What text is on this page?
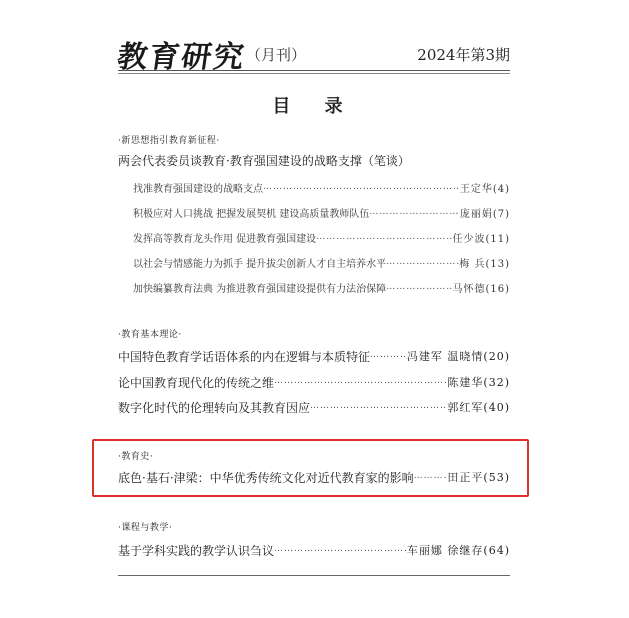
教育研究
（月刊）	2024年第3期
目 录
·新思想指引教育新征程·
两会代表委员谈教育·教育强国建设的战略支撑（笔谈）
找准教育强国建设的战略支点 ……………………………………………………………………………………………………………………………………	王定华(4)
积极应对人口挑战 把握发展契机 建设高质量教师队伍 ……………………………………………………………………………………………………………………………………	庞丽娟(7)
发挥高等教育龙头作用 促进教育强国建设 ……………………………………………………………………………………………………………………………………	任少波(11)
以社会与情感能力为抓手 提升拔尖创新人才自主培养水平 ……………………………………………………………………………………………………………………………………	梅 兵(13)
加快编纂教育法典 为推进教育强国建设提供有力法治保障 ……………………………………………………………………………………………………………………………………	马怀德(16)
·教育基本理论·
中国特色教育学话语体系的内在逻辑与本质特征 ……………………………………………………………………………………………………………………………………	冯建军 温晓情(20)
论中国教育现代化的传统之维 ……………………………………………………………………………………………………………………………………	陈建华(32)
数字化时代的伦理转向及其教育因应 ……………………………………………………………………………………………………………………………………	郭红军(40)
·教育史·
底色·基石·津梁：中华优秀传统文化对近代教育家的影响 ……………………………………………………………………………………………………………………………………	田正平(53)
·课程与教学·
基于学科实践的教学认识刍议 ……………………………………………………………………………………………………………………………………	车丽娜 徐继存(64)
